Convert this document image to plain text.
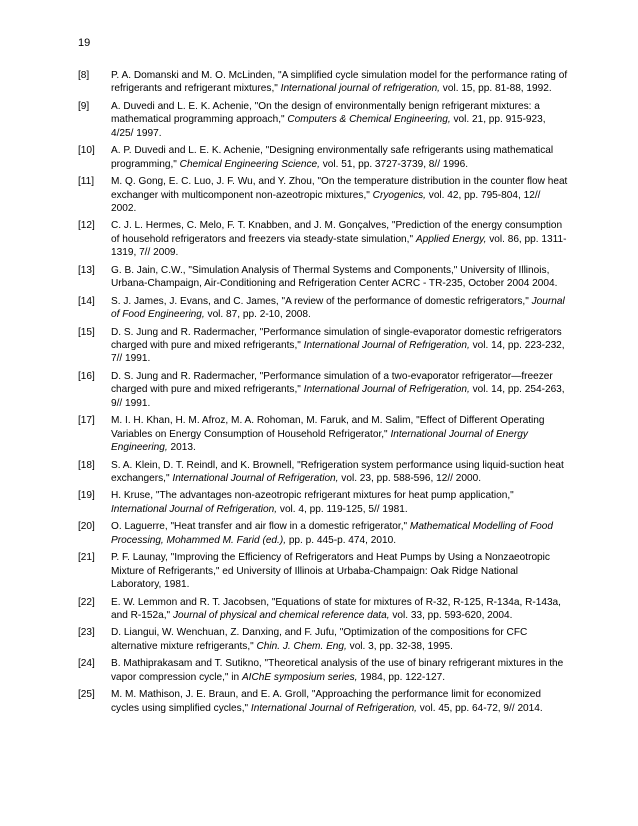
19
[8]	P. A. Domanski and M. O. McLinden, "A simplified cycle simulation model for the performance rating of refrigerants and refrigerant mixtures," International journal of refrigeration, vol. 15, pp. 81-88, 1992.
[9]	A. Duvedi and L. E. K. Achenie, "On the design of environmentally benign refrigerant mixtures: a mathematical programming approach," Computers & Chemical Engineering, vol. 21, pp. 915-923, 4/25/ 1997.
[10]	A. P. Duvedi and L. E. K. Achenie, "Designing environmentally safe refrigerants using mathematical programming," Chemical Engineering Science, vol. 51, pp. 3727-3739, 8// 1996.
[11]	M. Q. Gong, E. C. Luo, J. F. Wu, and Y. Zhou, "On the temperature distribution in the counter flow heat exchanger with multicomponent non-azeotropic mixtures," Cryogenics, vol. 42, pp. 795-804, 12// 2002.
[12]	C. J. L. Hermes, C. Melo, F. T. Knabben, and J. M. Gonçalves, "Prediction of the energy consumption of household refrigerators and freezers via steady-state simulation," Applied Energy, vol. 86, pp. 1311-1319, 7// 2009.
[13]	G. B. Jain, C.W., "Simulation Analysis of Thermal Systems and Components," University of Illinois, Urbana-Champaign, Air-Conditioning and Refrigeration Center ACRC - TR-235, October 2004 2004.
[14]	S. J. James, J. Evans, and C. James, "A review of the performance of domestic refrigerators," Journal of Food Engineering, vol. 87, pp. 2-10, 2008.
[15]	D. S. Jung and R. Radermacher, "Performance simulation of single-evaporator domestic refrigerators charged with pure and mixed refrigerants," International Journal of Refrigeration, vol. 14, pp. 223-232, 7// 1991.
[16]	D. S. Jung and R. Radermacher, "Performance simulation of a two-evaporator refrigerator—freezer charged with pure and mixed refrigerants," International Journal of Refrigeration, vol. 14, pp. 254-263, 9// 1991.
[17]	M. I. H. Khan, H. M. Afroz, M. A. Rohoman, M. Faruk, and M. Salim, "Effect of Different Operating Variables on Energy Consumption of Household Refrigerator," International Journal of Energy Engineering, 2013.
[18]	S. A. Klein, D. T. Reindl, and K. Brownell, "Refrigeration system performance using liquid-suction heat exchangers," International Journal of Refrigeration, vol. 23, pp. 588-596, 12// 2000.
[19]	H. Kruse, "The advantages non-azeotropic refrigerant mixtures for heat pump application," International Journal of Refrigeration, vol. 4, pp. 119-125, 5// 1981.
[20]	O. Laguerre, "Heat transfer and air flow in a domestic refrigerator," Mathematical Modelling of Food Processing, Mohammed M. Farid (ed.), pp. p. 445-p. 474, 2010.
[21]	P. F. Launay, "Improving the Efficiency of Refrigerators and Heat Pumps by Using a Nonzaeotropic Mixture of Refrigerants," ed University of Illinois at Urbaba-Champaign: Oak Ridge National Laboratory, 1981.
[22]	E. W. Lemmon and R. T. Jacobsen, "Equations of state for mixtures of R-32, R-125, R-134a, R-143a, and R-152a," Journal of physical and chemical reference data, vol. 33, pp. 593-620, 2004.
[23]	D. Liangui, W. Wenchuan, Z. Danxing, and F. Jufu, "Optimization of the compositions for CFC alternative mixture refrigerants," Chin. J. Chem. Eng, vol. 3, pp. 32-38, 1995.
[24]	B. Mathiprakasam and T. Sutikno, "Theoretical analysis of the use of binary refrigerant mixtures in the vapor compression cycle," in AIChE symposium series, 1984, pp. 122-127.
[25]	M. M. Mathison, J. E. Braun, and E. A. Groll, "Approaching the performance limit for economized cycles using simplified cycles," International Journal of Refrigeration, vol. 45, pp. 64-72, 9// 2014.
